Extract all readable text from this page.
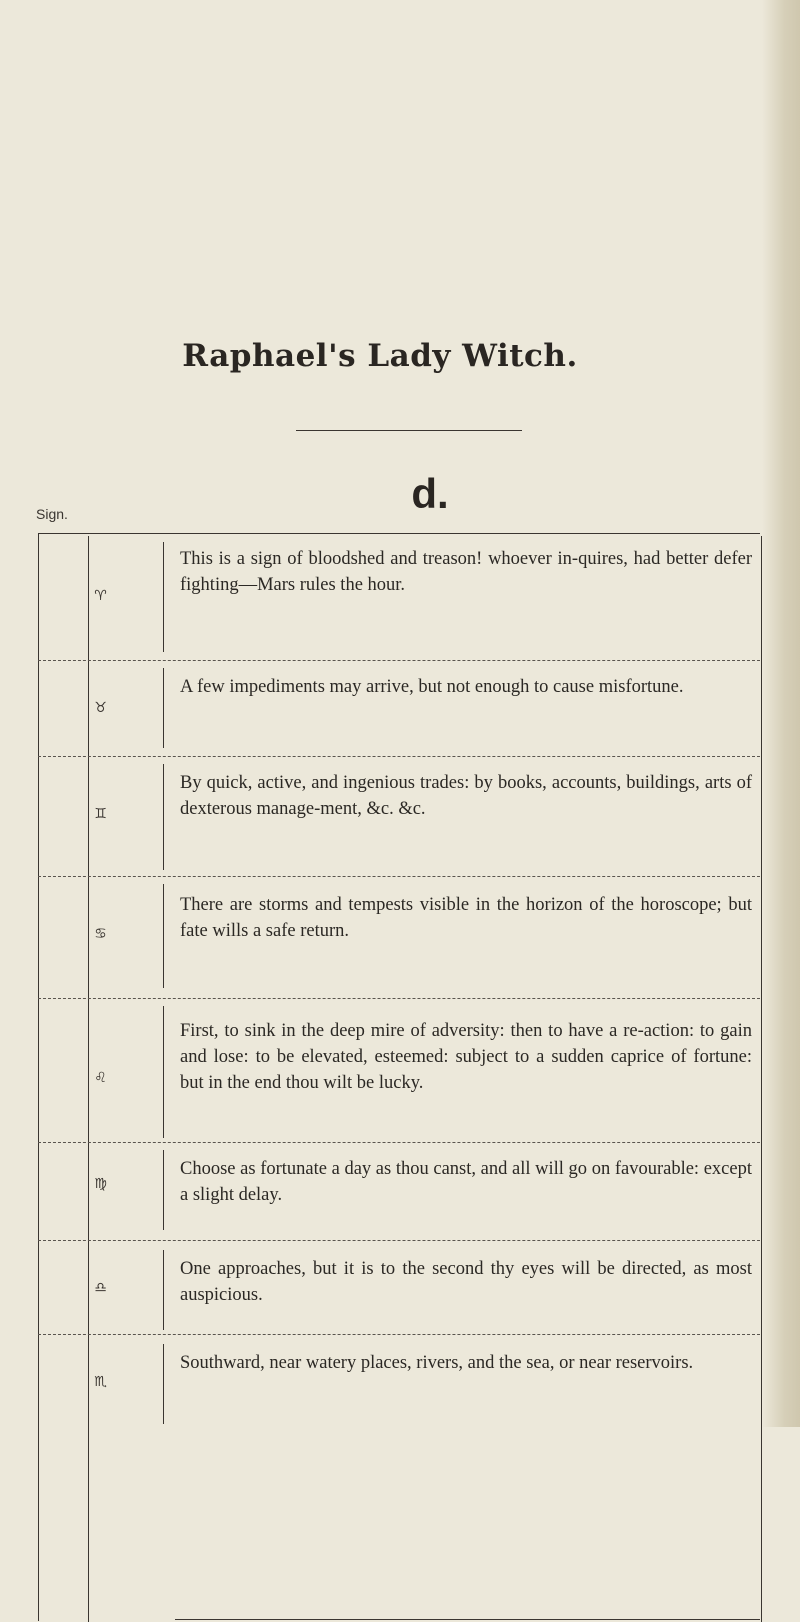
Raphael's Lady Witch.
d.
Sign.
♈
This is a sign of bloodshed and treason! whoever in-quires, had better defer fighting—Mars rules the hour.
♉
A few impediments may arrive, but not enough to cause misfortune.
♊
By quick, active, and ingenious trades: by books, accounts, buildings, arts of dexterous manage-ment, &c. &c.
♋
There are storms and tempests visible in the horizon of the horoscope; but fate wills a safe return.
♌
First, to sink in the deep mire of adversity: then to have a re-action: to gain and lose: to be elevated, esteemed: subject to a sudden caprice of fortune: but in the end thou wilt be lucky.
♍
Choose as fortunate a day as thou canst, and all will go on favourable: except a slight delay.
♎
One approaches, but it is to the second thy eyes will be directed, as most auspicious.
♏
Southward, near watery places, rivers, and the sea, or near reservoirs.
